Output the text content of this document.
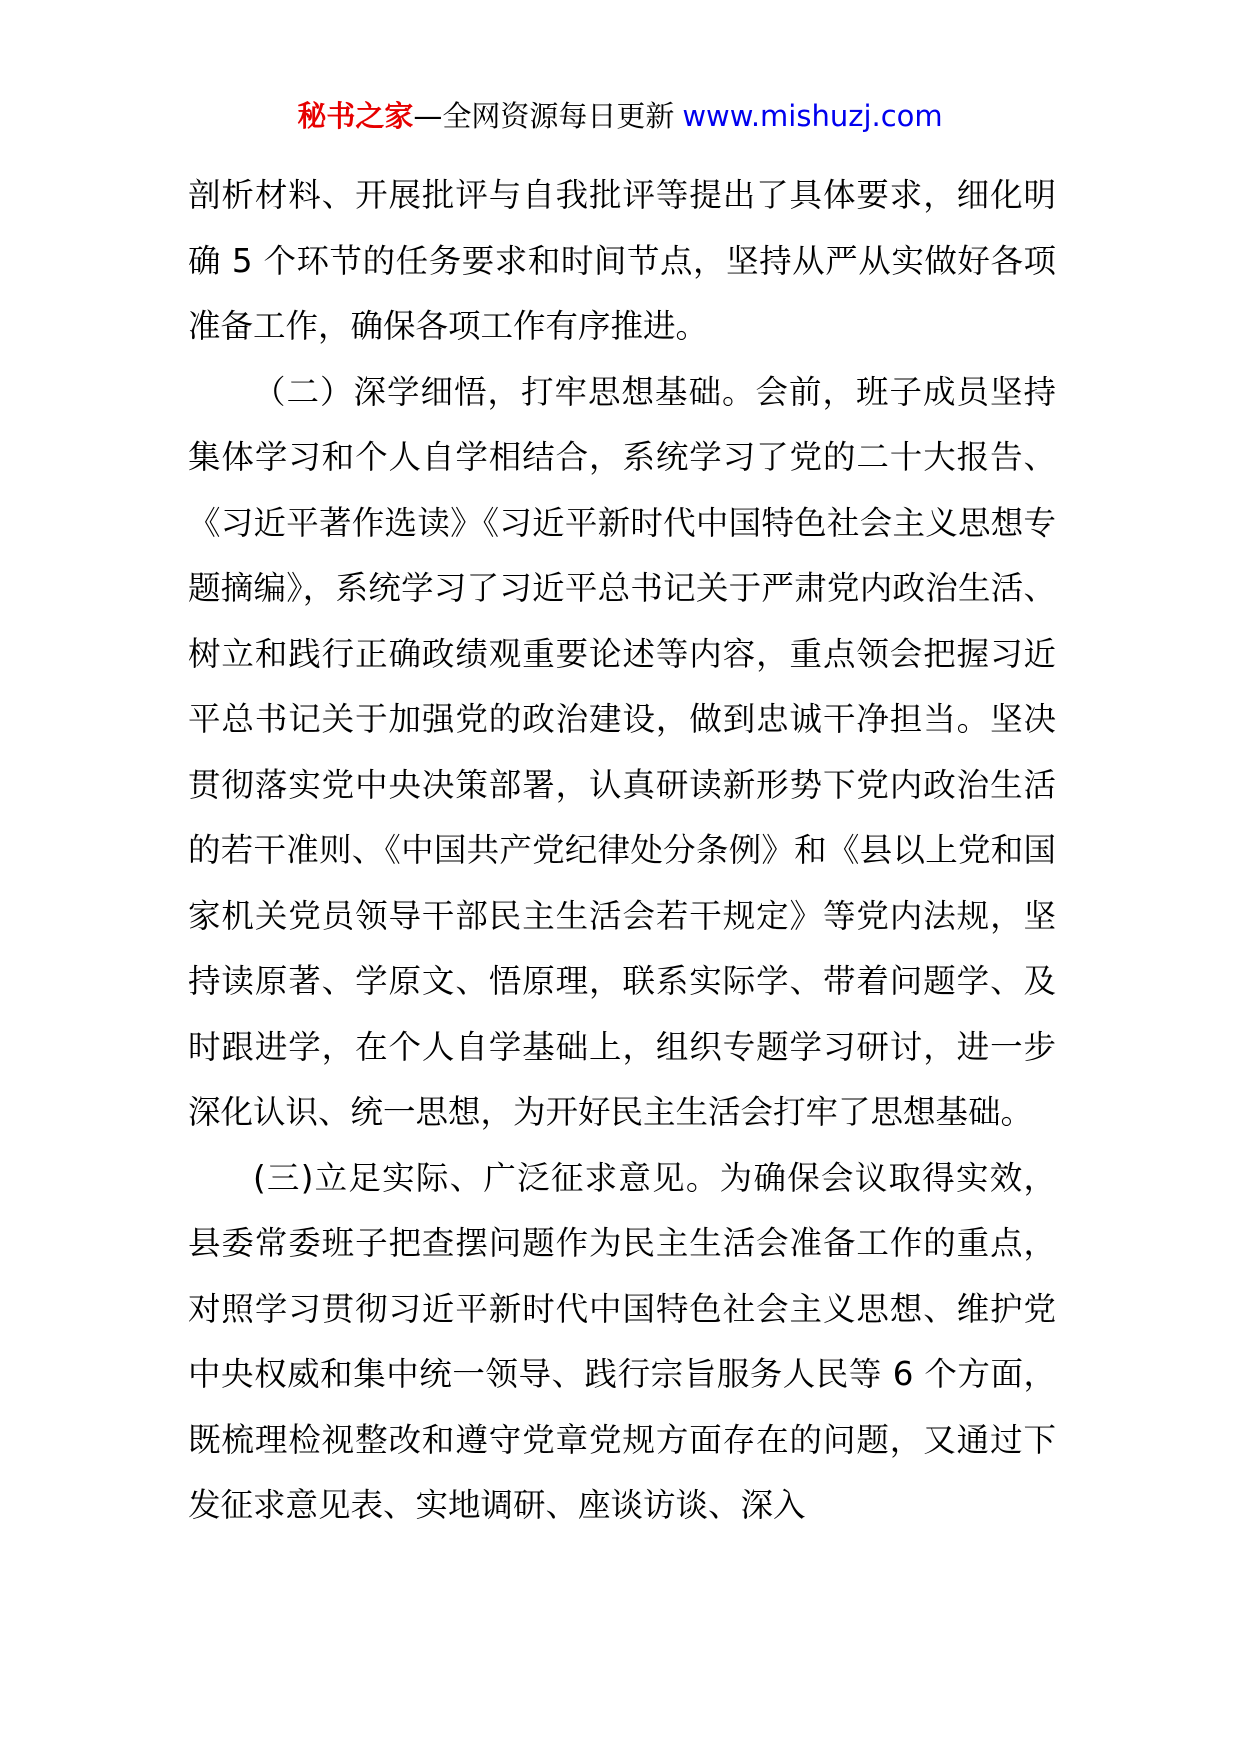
秘书之家—全网资源每日更新 www.mishuzj.com

剖析材料、开展批评与自我批评等提出了具体要求，细化明确 5 个环节的任务要求和时间节点，坚持从严从实做好各项准备工作，确保各项工作有序推进。

（二）深学细悟，打牢思想基础。会前，班子成员坚持集体学习和个人自学相结合，系统学习了党的二十大报告、《习近平著作选读》《习近平新时代中国特色社会主义思想专题摘编》，系统学习了习近平总书记关于严肃党内政治生活、树立和践行正确政绩观重要论述等内容，重点领会把握习近平总书记关于加强党的政治建设，做到忠诚干净担当。坚决贯彻落实党中央决策部署，认真研读新形势下党内政治生活的若干准则、《中国共产党纪律处分条例》和《县以上党和国家机关党员领导干部民主生活会若干规定》等党内法规，坚持读原著、学原文、悟原理，联系实际学、带着问题学、及时跟进学，在个人自学基础上，组织专题学习研讨，进一步深化认识、统一思想，为开好民主生活会打牢了思想基础。

(三)立足实际、广泛征求意见。为确保会议取得实效，县委常委班子把查摆问题作为民主生活会准备工作的重点，对照学习贯彻习近平新时代中国特色社会主义思想、维护党中央权威和集中统一领导、践行宗旨服务人民等 6 个方面，既梳理检视整改和遵守党章党规方面存在的问题，又通过下发征求意见表、实地调研、座谈访谈、深入
